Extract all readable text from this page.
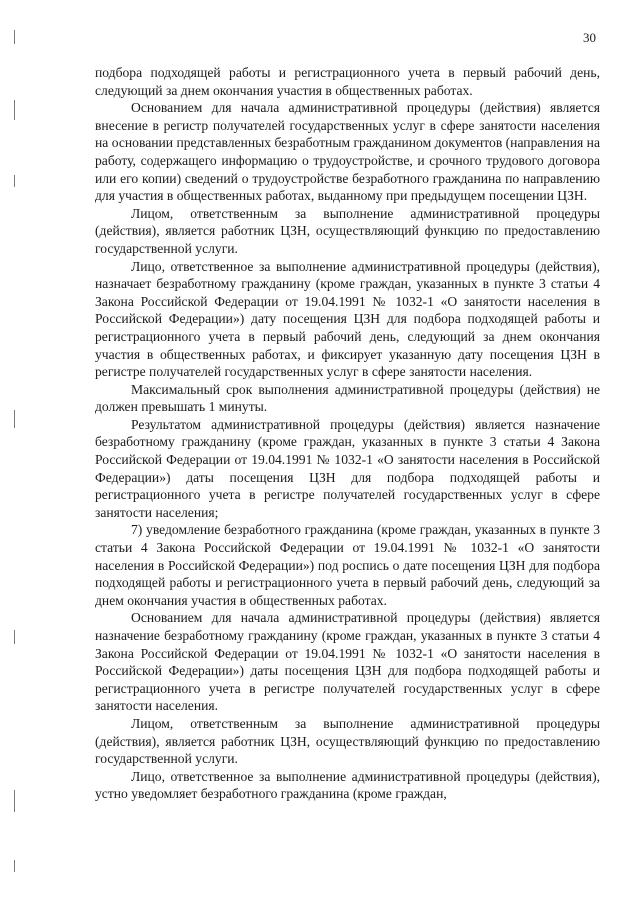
30

подбора подходящей работы и регистрационного учета в первый рабочий день, следующий за днем окончания участия в общественных работах.

Основанием для начала административной процедуры (действия) является внесение в регистр получателей государственных услуг в сфере занятости населения на основании представленных безработным гражданином документов (направления на работу, содержащего информацию о трудоустройстве, и срочного трудового договора или его копии) сведений о трудоустройстве безработного гражданина по направлению для участия в общественных работах, выданному при предыдущем посещении ЦЗН.

Лицом, ответственным за выполнение административной процедуры (действия), является работник ЦЗН, осуществляющий функцию по предоставлению государственной услуги.

Лицо, ответственное за выполнение административной процедуры (действия), назначает безработному гражданину (кроме граждан, указанных в пункте 3 статьи 4 Закона Российской Федерации от 19.04.1991 № 1032-1 «О занятости населения в Российской Федерации») дату посещения ЦЗН для подбора подходящей работы и регистрационного учета в первый рабочий день, следующий за днем окончания участия в общественных работах, и фиксирует указанную дату посещения ЦЗН в регистре получателей государственных услуг в сфере занятости населения.

Максимальный срок выполнения административной процедуры (действия) не должен превышать 1 минуты.

Результатом административной процедуры (действия) является назначение безработному гражданину (кроме граждан, указанных в пункте 3 статьи 4 Закона Российской Федерации от 19.04.1991 № 1032-1 «О занятости населения в Российской Федерации») даты посещения ЦЗН для подбора подходящей работы и регистрационного учета в регистре получателей государственных услуг в сфере занятости населения;

7) уведомление безработного гражданина (кроме граждан, указанных в пункте 3 статьи 4 Закона Российской Федерации от 19.04.1991 № 1032-1 «О занятости населения в Российской Федерации») под роспись о дате посещения ЦЗН для подбора подходящей работы и регистрационного учета в первый рабочий день, следующий за днем окончания участия в общественных работах.

Основанием для начала административной процедуры (действия) является назначение безработному гражданину (кроме граждан, указанных в пункте 3 статьи 4 Закона Российской Федерации от 19.04.1991 № 1032-1 «О занятости населения в Российской Федерации») даты посещения ЦЗН для подбора подходящей работы и регистрационного учета в регистре получателей государственных услуг в сфере занятости населения.

Лицом, ответственным за выполнение административной процедуры (действия), является работник ЦЗН, осуществляющий функцию по предоставлению государственной услуги.

Лицо, ответственное за выполнение административной процедуры (действия), устно уведомляет безработного гражданина (кроме граждан,
